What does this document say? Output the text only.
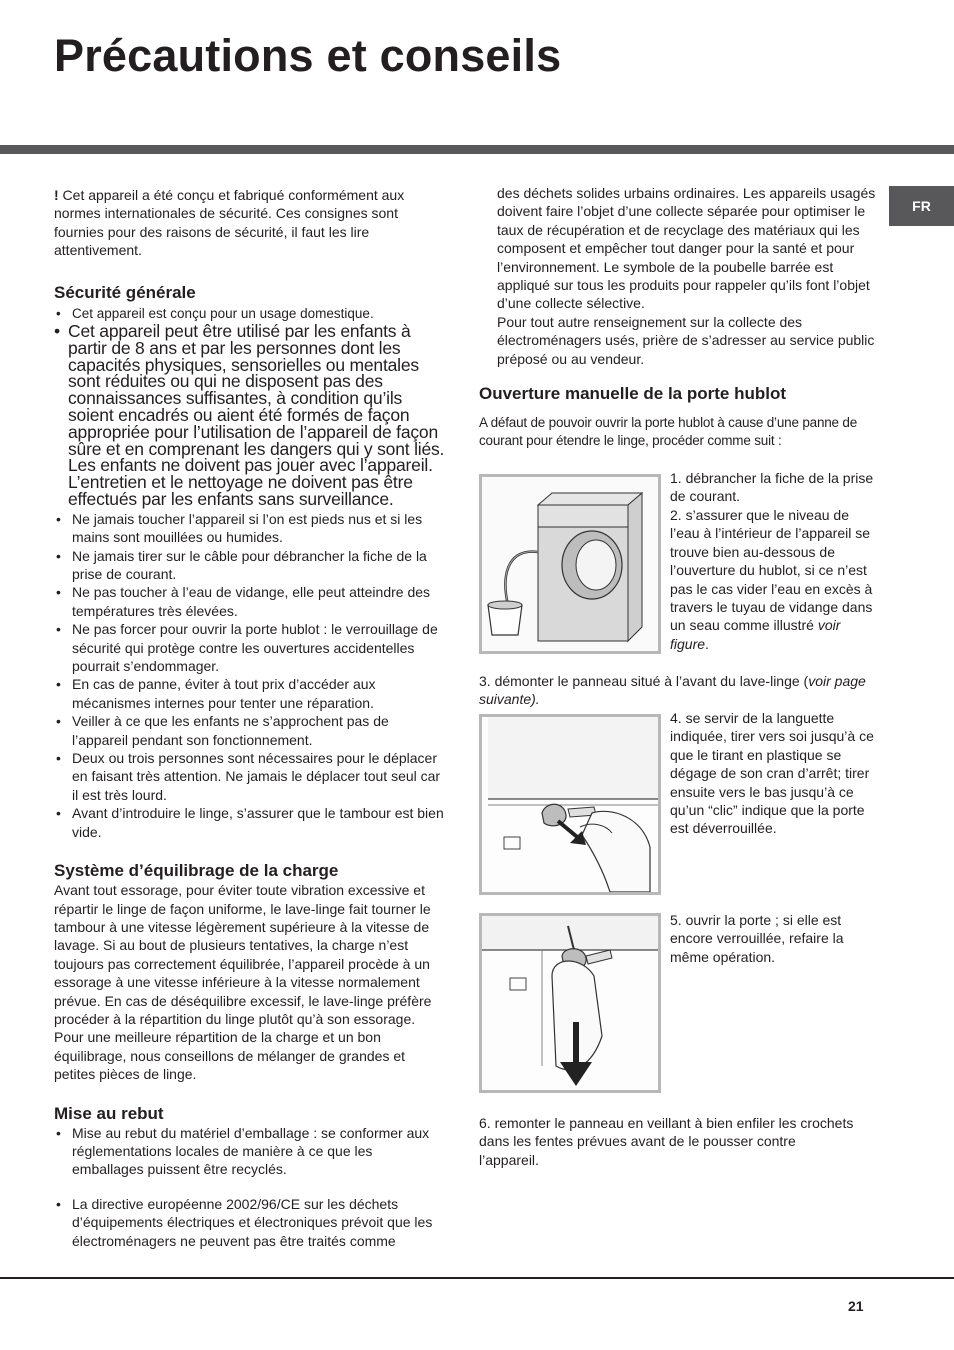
Précautions et conseils
FR

! Cet appareil a été conçu et fabriqué conformément aux normes internationales de sécurité. Ces consignes sont fournies pour des raisons de sécurité, il faut les lire attentivement.

Sécurité générale
• Cet appareil est conçu pour un usage domestique.
• Cet appareil peut être utilisé par les enfants à partir de 8 ans et par les personnes dont les capacités physiques, sensorielles ou mentales sont réduites ou qui ne disposent pas des connaissances suffisantes, à condition qu’ils soient encadrés ou aient été formés de façon appropriée pour l’utilisation de l’appareil de façon sûre et en comprenant les dangers qui y sont liés. Les enfants ne doivent pas jouer avec l’appareil. L’entretien et le nettoyage ne doivent pas être effectués par les enfants sans surveillance.
• Ne jamais toucher l’appareil si l’on est pieds nus et si les mains sont mouillées ou humides.
• Ne jamais tirer sur le câble pour débrancher la fiche de la prise de courant.
• Ne pas toucher à l’eau de vidange, elle peut atteindre des températures très élevées.
• Ne pas forcer pour ouvrir la porte hublot : le verrouillage de sécurité qui protège contre les ouvertures accidentelles pourrait s’endommager.
• En cas de panne, éviter à tout prix d’accéder aux mécanismes internes pour tenter une réparation.
• Veiller à ce que les enfants ne s’approchent pas de l’appareil pendant son fonctionnement.
• Deux ou trois personnes sont nécessaires pour le déplacer en faisant très attention. Ne jamais le déplacer tout seul car il est très lourd.
• Avant d’introduire le linge, s’assurer que le tambour est bien vide.
Système d’équilibrage de la charge

Avant tout essorage, pour éviter toute vibration excessive et répartir le linge de façon uniforme, le lave-linge fait tourner le tambour à une vitesse légèrement supérieure à la vitesse de lavage. Si au bout de plusieurs tentatives, la charge n’est toujours pas correctement équilibrée, l’appareil procède à un essorage à une vitesse inférieure à la vitesse normalement prévue. En cas de déséquilibre excessif, le lave-linge préfère procéder à la répartition du linge plutôt qu’à son essorage. Pour une meilleure répartition de la charge et un bon équilibrage, nous conseillons de mélanger de grandes et petites pièces de linge.

Mise au rebut
• Mise au rebut du matériel d’emballage : se conformer aux réglementations locales de manière à ce que les emballages puissent être recyclés.
• La directive européenne 2002/96/CE sur les déchets d’équipements électriques et électroniques prévoit que les électroménagers ne peuvent pas être traités comme

des déchets solides urbains ordinaires. Les appareils usagés doivent faire l’objet d’une collecte séparée pour optimiser le taux de récupération et de recyclage des matériaux qui les composent et empêcher tout danger pour la santé et pour l’environnement. Le symbole de la poubelle barrée est appliqué sur tous les produits pour rappeler qu’ils font l’objet d’une collecte sélective.

Pour tout autre renseignement sur la collecte des électroménagers usés, prière de s’adresser au service public préposé ou au vendeur.

Ouverture manuelle de la porte hublot

A défaut de pouvoir ouvrir la porte hublot à cause d’une panne de courant pour étendre le linge, procéder comme suit :

1. débrancher la fiche de la prise de courant.

2. s’assurer que le niveau de l’eau à l’intérieur de l’appareil se trouve bien au-dessous de l’ouverture du hublot, si ce n’est pas le cas vider l’eau en excès à travers le tuyau de vidange dans un seau comme illustré voir figure.

3. démonter le panneau situé à l’avant du lave-linge (voir page suivante).

4. se servir de la languette indiquée, tirer vers soi jusqu’à ce que le tirant en plastique se dégage de son cran d’arrêt; tirer ensuite vers le bas jusqu’à ce qu’un “clic” indique que la porte est déverrouillée.

5. ouvrir la porte ; si elle est encore verrouillée, refaire la même opération.

6. remonter le panneau en veillant à bien enfiler les crochets dans les fentes prévues avant de le pousser contre l’appareil.

21
